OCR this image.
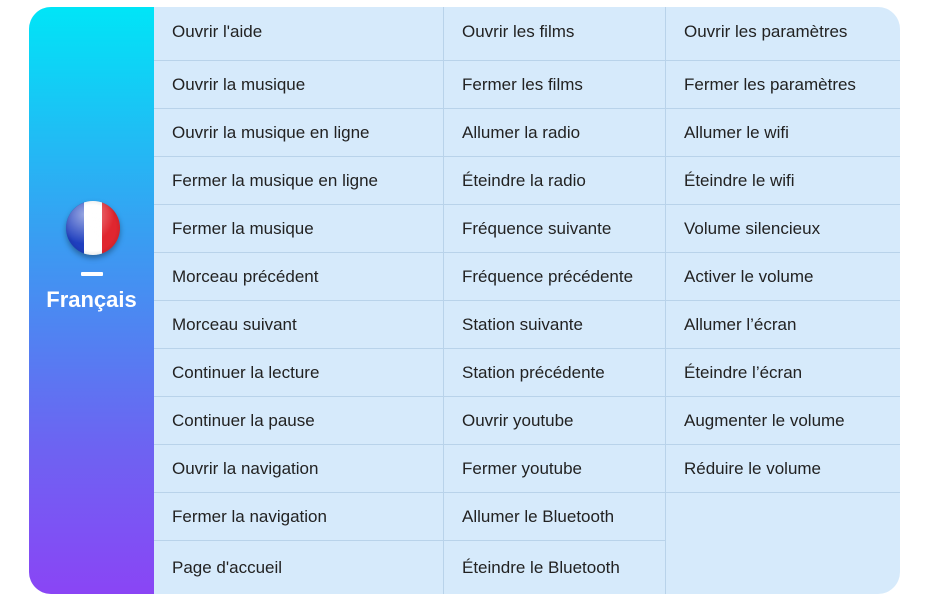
Français
Ouvrir l'aide
Ouvrir la musique
Ouvrir la musique en ligne
Fermer la musique en ligne
Fermer la musique
Morceau précédent
Morceau suivant
Continuer la lecture
Continuer la pause
Ouvrir la navigation
Fermer la navigation
Page d'accueil
Ouvrir les films
Fermer les films
Allumer la radio
Éteindre la radio
Fréquence suivante
Fréquence précédente
Station suivante
Station précédente
Ouvrir youtube
Fermer youtube
Allumer le Bluetooth
Éteindre le Bluetooth
Ouvrir les paramètres
Fermer les paramètres
Allumer le wifi
Éteindre le wifi
Volume silencieux
Activer le volume
Allumer l’écran
Éteindre l’écran
Augmenter le volume
Réduire le volume
